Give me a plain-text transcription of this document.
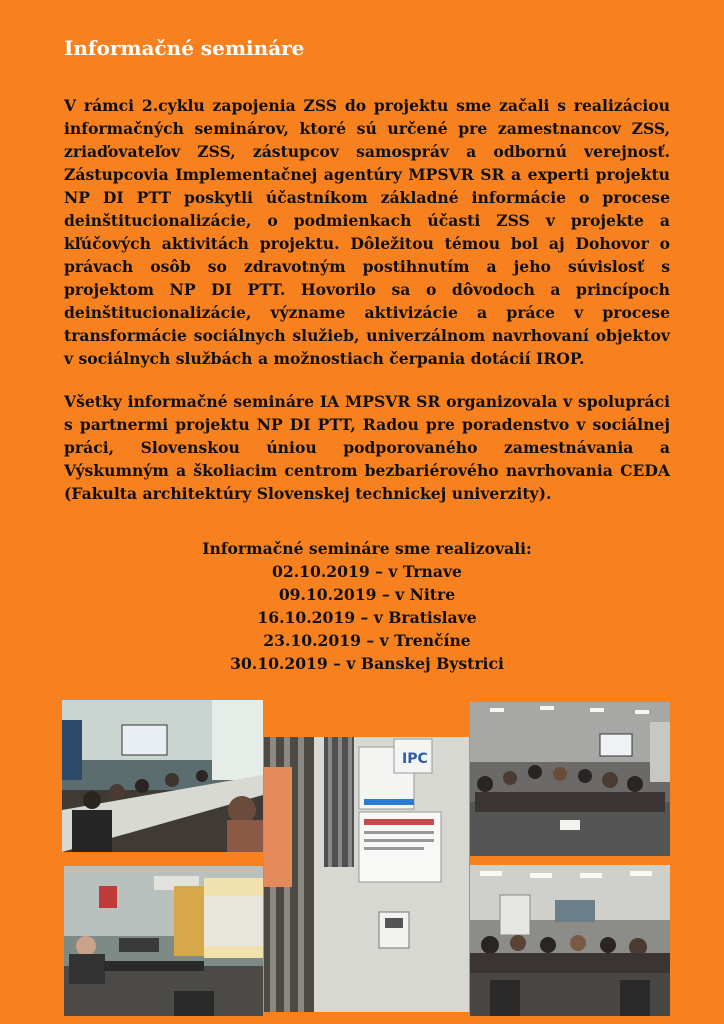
Informačné semináre

V rámci 2.cyklu zapojenia ZSS do projektu sme začali s realizáciou informačných seminárov, ktoré sú určené pre zamestnancov ZSS, zriaďovateľov ZSS, zástupcov samospráv a odbornú verejnosť. Zástupcovia Implementačnej agentúry MPSVR SR a experti projektu NP DI PTT poskytli účastníkom základné informácie o procese deinštitucionalizácie, o podmienkach účasti ZSS v projekte a kľúčových aktivitách projektu. Dôležitou témou bol aj Dohovor o právach osôb so zdravotným postihnutím a jeho súvislosť s projektom NP DI PTT. Hovorilo sa o dôvodoch a princípoch deinštitucionalizácie, význame aktivizácie a práce v procese transformácie sociálnych služieb, univerzálnom navrhovaní objektov v sociálnych službách a možnostiach čerpania dotácií IROP.

Všetky informačné semináre IA MPSVR SR organizovala v spolupráci s partnermi projektu NP DI PTT, Radou pre poradenstvo v sociálnej práci, Slovenskou úniou podporovaného zamestnávania a Výskumným a školiacim centrom bezbariérového navrhovania CEDA (Fakulta architektúry Slovenskej technickej univerzity).

Informačné semináre sme realizovali:
02.10.2019 – v Trnave
09.10.2019 – v Nitre
16.10.2019 – v Bratislave
23.10.2019 – v Trenčíne
30.10.2019 – v Banskej Bystrici
IPC
